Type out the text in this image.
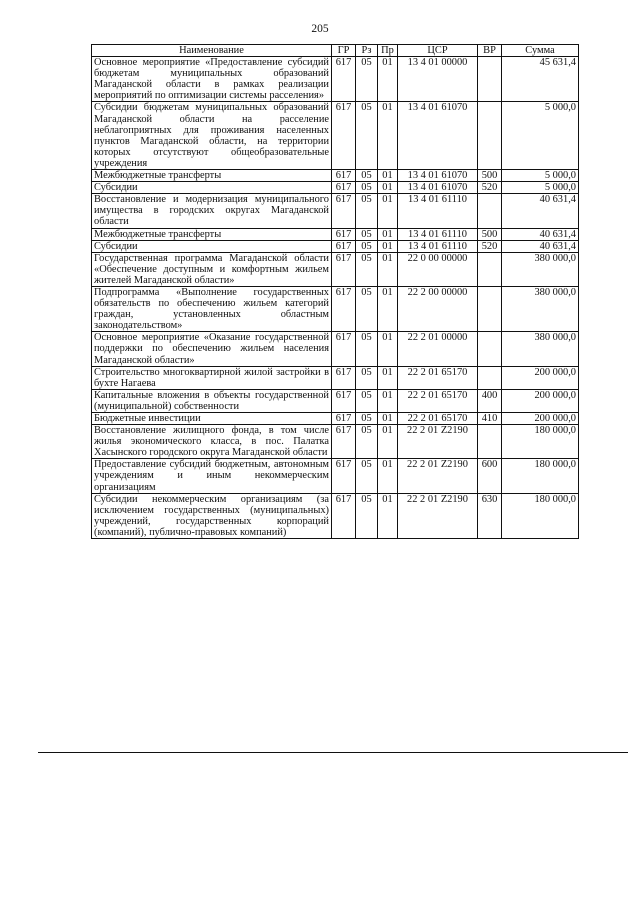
205
Наименование	ГР	Рз	Пр	ЦСР	ВР	Сумма
Основное мероприятие «Предоставление субсидий бюджетам муниципальных образований Магаданской области в рамках реализации мероприятий по оптимизации системы расселения»	617	05	01	13 4 01 00000		45 631,4
Субсидии бюджетам муниципальных образований Магаданской области на расселение неблагоприятных для проживания населенных пунктов Магаданской области, на территории которых отсутствуют общеобразовательные учреждения	617	05	01	13 4 01 61070		5 000,0
Межбюджетные трансферты	617	05	01	13 4 01 61070	500	5 000,0
Субсидии	617	05	01	13 4 01 61070	520	5 000,0
Восстановление и модернизация муниципального имущества в городских округах Магаданской области	617	05	01	13 4 01 61110		40 631,4
Межбюджетные трансферты	617	05	01	13 4 01 61110	500	40 631,4
Субсидии	617	05	01	13 4 01 61110	520	40 631,4
Государственная программа Магаданской области «Обеспечение доступным и комфортным жильем жителей Магаданской области»	617	05	01	22 0 00 00000		380 000,0
Подпрограмма «Выполнение государственных обязательств по обеспечению жильем категорий граждан, установленных областным законодательством»	617	05	01	22 2 00 00000		380 000,0
Основное мероприятие «Оказание государственной поддержки по обеспечению жильем населения Магаданской области»	617	05	01	22 2 01 00000		380 000,0
Строительство многоквартирной жилой застройки в бухте Нагаева	617	05	01	22 2 01 65170		200 000,0
Капитальные вложения в объекты государственной (муниципальной) собственности	617	05	01	22 2 01 65170	400	200 000,0
Бюджетные инвестиции	617	05	01	22 2 01 65170	410	200 000,0
Восстановление жилищного фонда, в том числе жилья экономического класса, в пос. Палатка Хасынского городского округа Магаданской области	617	05	01	22 2 01 Z2190		180 000,0
Предоставление субсидий бюджетным, автономным учреждениям и иным некоммерческим организациям	617	05	01	22 2 01 Z2190	600	180 000,0
Субсидии некоммерческим организациям (за исключением государственных (муниципальных) учреждений, государственных корпораций (компаний), публично-правовых компаний)	617	05	01	22 2 01 Z2190	630	180 000,0
